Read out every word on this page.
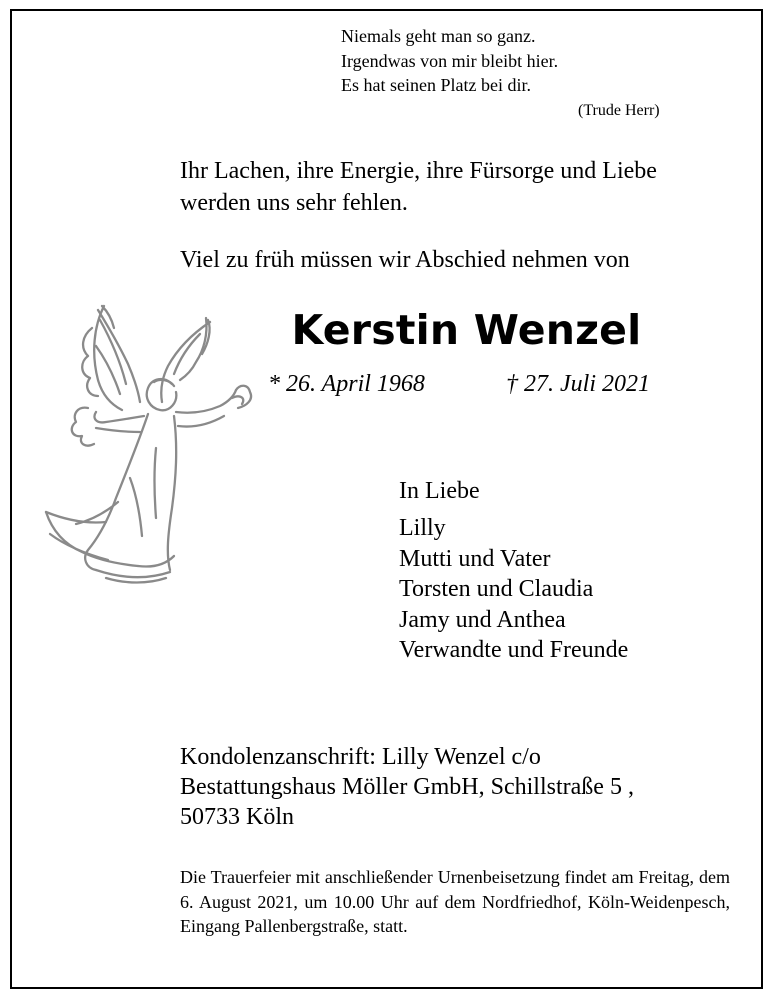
Niemals geht man so ganz.
Irgendwas von mir bleibt hier.
Es hat seinen Platz bei dir.
(Trude Herr)
Ihr Lachen, ihre Energie, ihre Fürsorge und Liebe
werden uns sehr fehlen.
Viel zu früh müssen wir Abschied nehmen von
Kerstin Wenzel
* 26. April 1968	† 27. Juli 2021
In Liebe
Lilly
Mutti und Vater
Torsten und Claudia
Jamy und Anthea
Verwandte und Freunde
Kondolenzanschrift: Lilly Wenzel c/o
Bestattungshaus Möller GmbH, Schillstraße 5 ,
50733 Köln
Die Trauerfeier mit anschließender Urnenbeisetzung findet am Freitag, dem 6. August 2021, um 10.00 Uhr auf dem Nordfriedhof, Köln-Weidenpesch, Eingang Pallenbergstraße, statt.
